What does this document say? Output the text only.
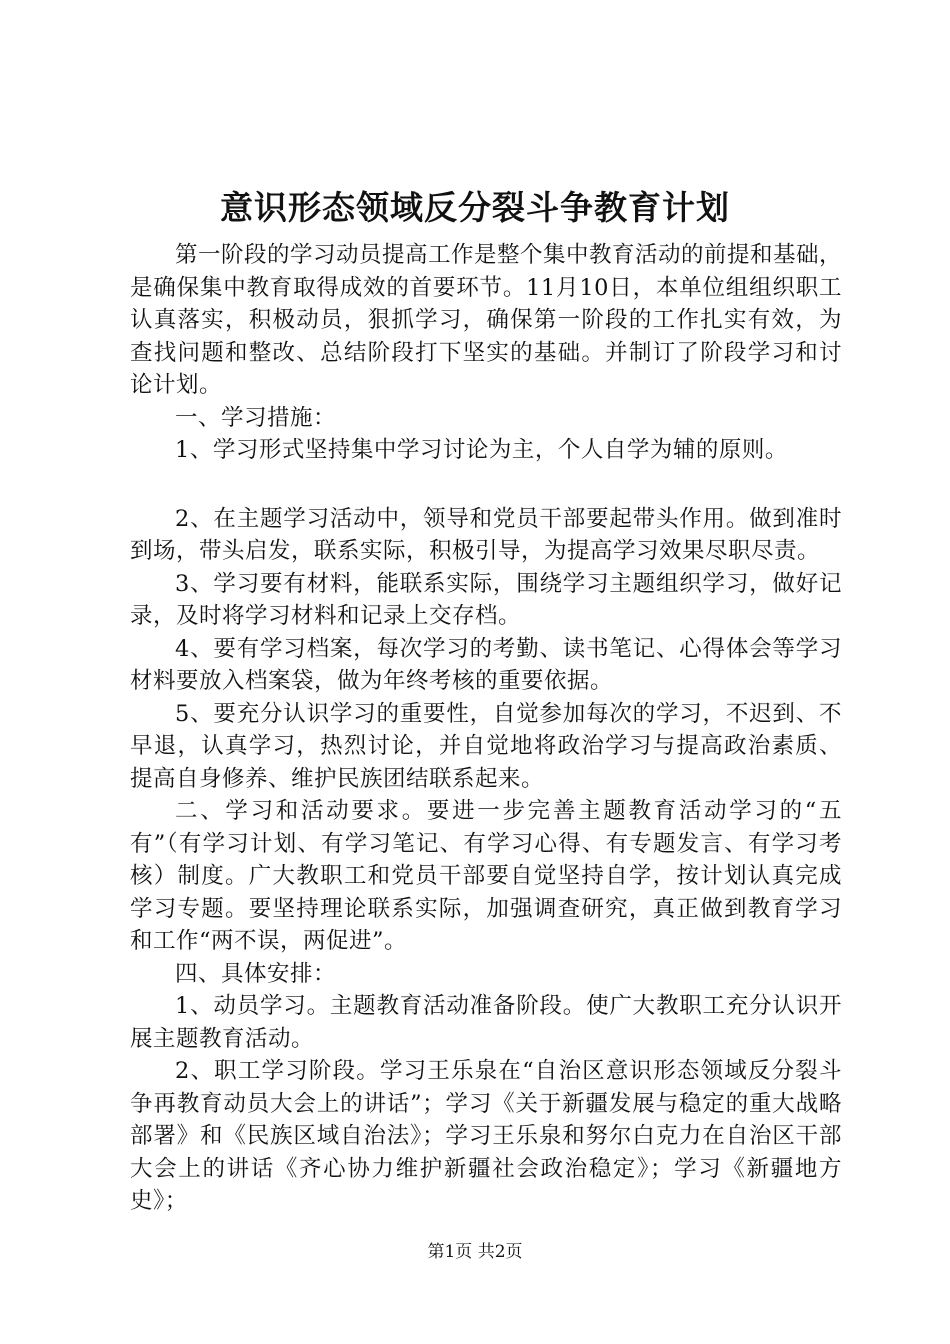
意识形态领域反分裂斗争教育计划

第一阶段的学习动员提高工作是整个集中教育活动的前提和基础，是确保集中教育取得成效的首要环节。11月10日，本单位组组织职工认真落实，积极动员，狠抓学习，确保第一阶段的工作扎实有效，为查找问题和整改、总结阶段打下坚实的基础。并制订了阶段学习和讨论计划。

一、学习措施：

1、学习形式坚持集中学习讨论为主，个人自学为辅的原则。

2、在主题学习活动中，领导和党员干部要起带头作用。做到准时到场，带头启发，联系实际，积极引导，为提高学习效果尽职尽责。

3、学习要有材料，能联系实际，围绕学习主题组织学习，做好记录，及时将学习材料和记录上交存档。

4、要有学习档案，每次学习的考勤、读书笔记、心得体会等学习材料要放入档案袋，做为年终考核的重要依据。

5、要充分认识学习的重要性，自觉参加每次的学习，不迟到、不早退，认真学习，热烈讨论，并自觉地将政治学习与提高政治素质、提高自身修养、维护民族团结联系起来。

二、学习和活动要求。要进一步完善主题教育活动学习的“五有”（有学习计划、有学习笔记、有学习心得、有专题发言、有学习考核）制度。广大教职工和党员干部要自觉坚持自学，按计划认真完成学习专题。要坚持理论联系实际，加强调查研究，真正做到教育学习和工作“两不误，两促进”。

四、具体安排：

1、动员学习。主题教育活动准备阶段。使广大教职工充分认识开展主题教育活动。

2、职工学习阶段。学习王乐泉在“自治区意识形态领域反分裂斗争再教育动员大会上的讲话”；学习《关于新疆发展与稳定的重大战略部署》和《民族区域自治法》；学习王乐泉和努尔白克力在自治区干部大会上的讲话《齐心协力维护新疆社会政治稳定》；学习《新疆地方史》；

第1页 共2页
